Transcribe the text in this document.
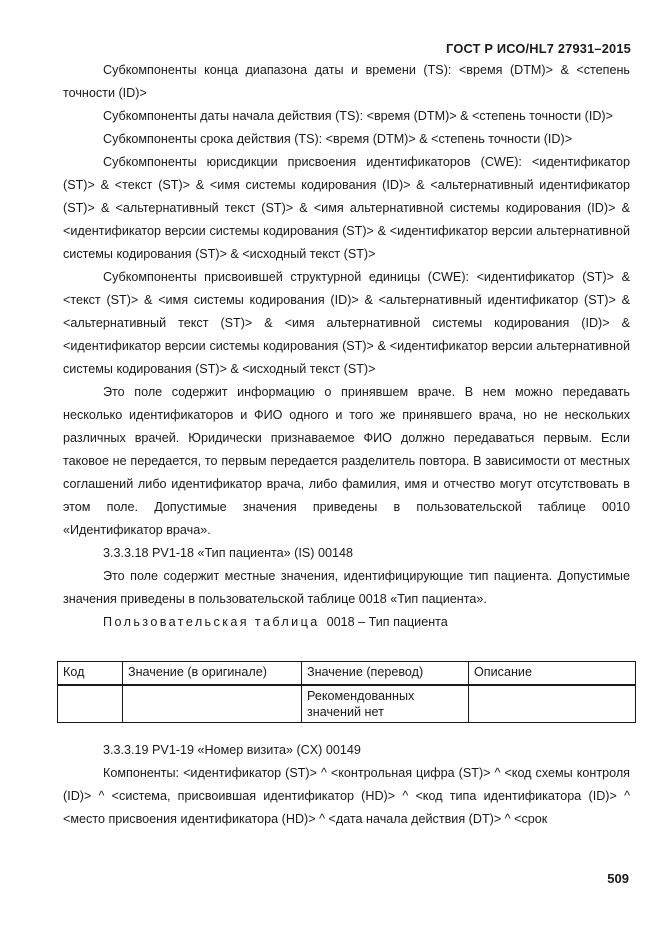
ГОСТ Р ИСО/HL7 27931–2015

Субкомпоненты конца диапазона даты и времени (TS): <время (DTM)> & <степень точности (ID)>

Субкомпоненты даты начала действия (TS): <время (DTM)> & <степень точности (ID)>

Субкомпоненты срока действия (TS): <время (DTM)> & <степень точности (ID)>

Субкомпоненты юрисдикции присвоения идентификаторов (CWE): <идентификатор (ST)> & <текст (ST)> & <имя системы кодирования (ID)> & <альтернативный идентификатор (ST)> & <альтернативный текст (ST)> & <имя альтернативной системы кодирования (ID)> & <идентификатор версии системы кодирования (ST)> & <идентификатор версии альтернативной системы кодирования (ST)> & <исходный текст (ST)>

Субкомпоненты присвоившей структурной единицы (CWE): <идентификатор (ST)> & <текст (ST)> & <имя системы кодирования (ID)> & <альтернативный идентификатор (ST)> & <альтернативный текст (ST)> & <имя альтернативной системы кодирования (ID)> & <идентификатор версии системы кодирования (ST)> & <идентификатор версии альтернативной системы кодирования (ST)> & <исходный текст (ST)>

Это поле содержит информацию о принявшем враче. В нем можно передавать несколько идентификаторов и ФИО одного и того же принявшего врача, но не нескольких различных врачей. Юридически признаваемое ФИО должно передаваться первым. Если таковое не передается, то первым передается разделитель повтора. В зависимости от местных соглашений либо идентификатор врача, либо фамилия, имя и отчество могут отсутствовать в этом поле. Допустимые значения приведены в пользовательской таблице 0010 «Идентификатор врача».

3.3.3.18 PV1-18 «Тип пациента» (IS) 00148

Это поле содержит местные значения, идентифицирующие тип пациента. Допустимые значения приведены в пользовательской таблице 0018 «Тип пациента».

Пользовательская таблица 0018 – Тип пациента

Код	Значение (в оригинале)	Значение (перевод)	Описание
		Рекомендованных значений нет	

3.3.3.19 PV1-19 «Номер визита» (CX) 00149

Компоненты: <идентификатор (ST)> ^ <контрольная цифра (ST)> ^ <код схемы контроля (ID)> ^ <система, присвоившая идентификатор (HD)> ^ <код типа идентификатора (ID)> ^ <место присвоения идентификатора (HD)> ^ <дата начала действия (DT)> ^ <срок

509
